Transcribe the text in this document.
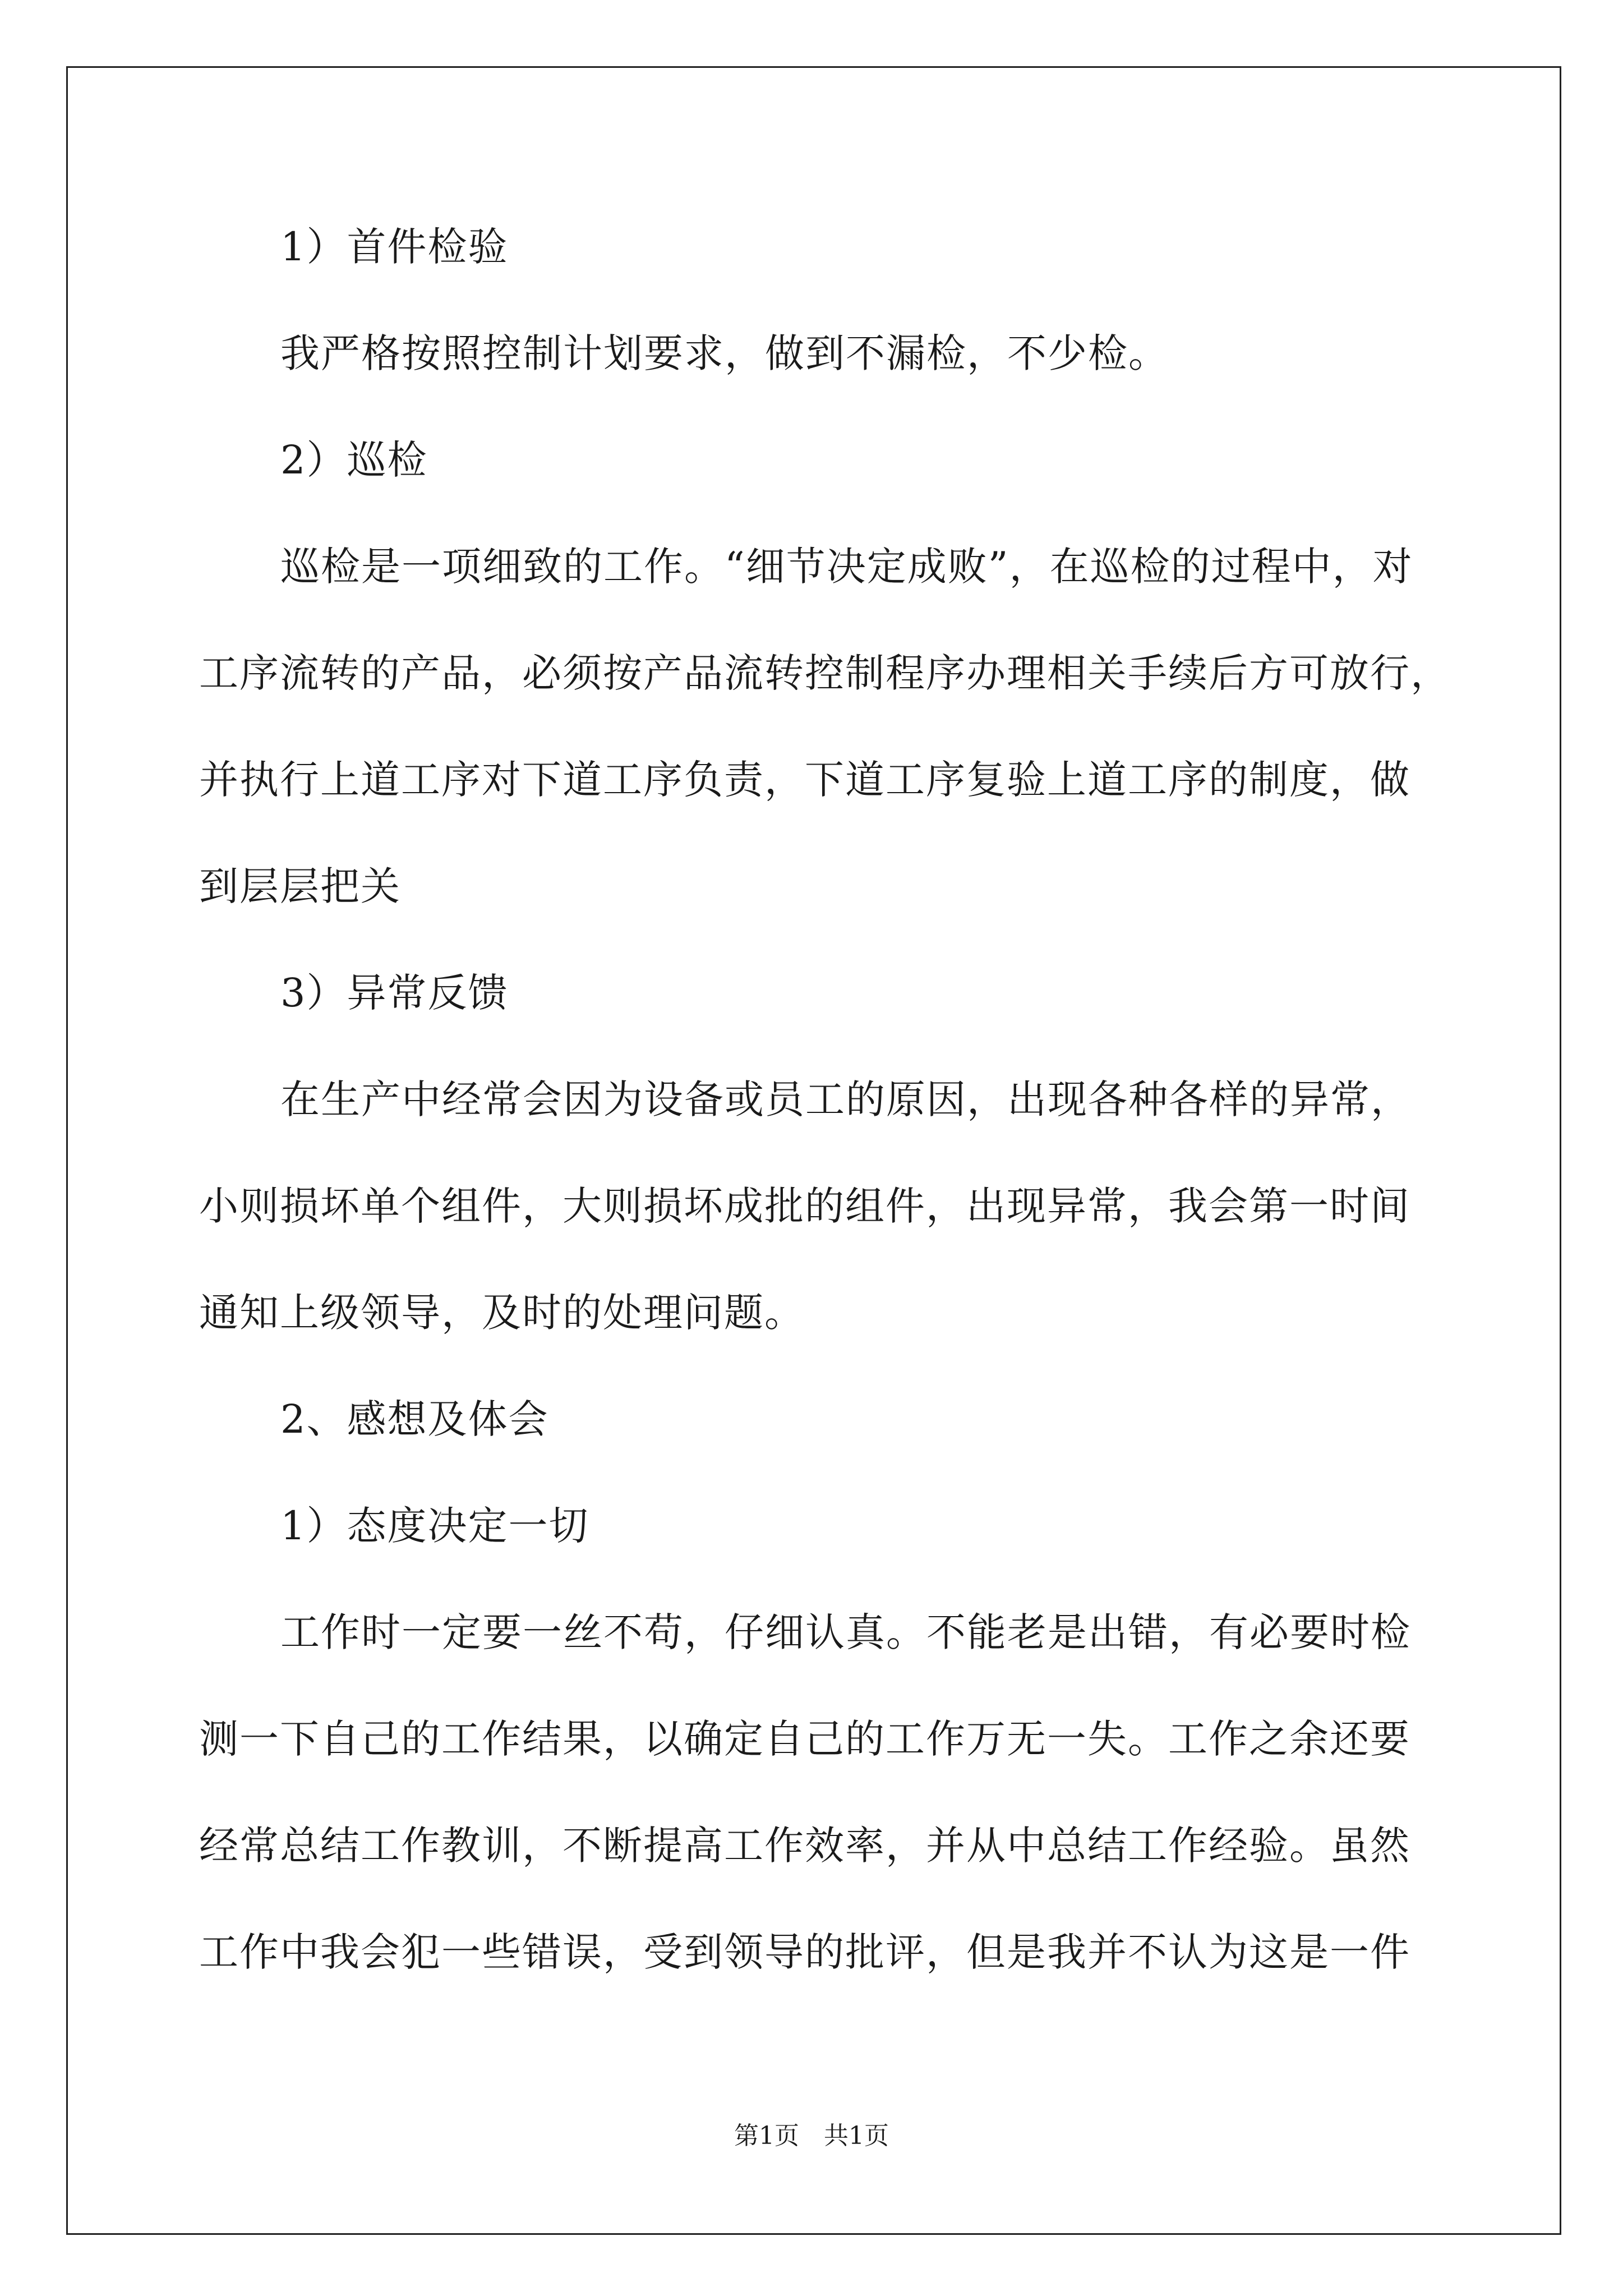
1）首件检验
我严格按照控制计划要求，做到不漏检，不少检。
2）巡检
巡检是一项细致的工作。“细节决定成败”，在巡检的过程中，对
工序流转的产品，必须按产品流转控制程序办理相关手续后方可放行，
并执行上道工序对下道工序负责，下道工序复验上道工序的制度，做
到层层把关
3）异常反馈
在生产中经常会因为设备或员工的原因，出现各种各样的异常，
小则损坏单个组件，大则损坏成批的组件，出现异常，我会第一时间
通知上级领导，及时的处理问题。
2、感想及体会
1）态度决定一切
工作时一定要一丝不苟，仔细认真。不能老是出错，有必要时检
测一下自己的工作结果，以确定自己的工作万无一失。工作之余还要
经常总结工作教训，不断提高工作效率，并从中总结工作经验。虽然
工作中我会犯一些错误，受到领导的批评，但是我并不认为这是一件
第1页　共1页
